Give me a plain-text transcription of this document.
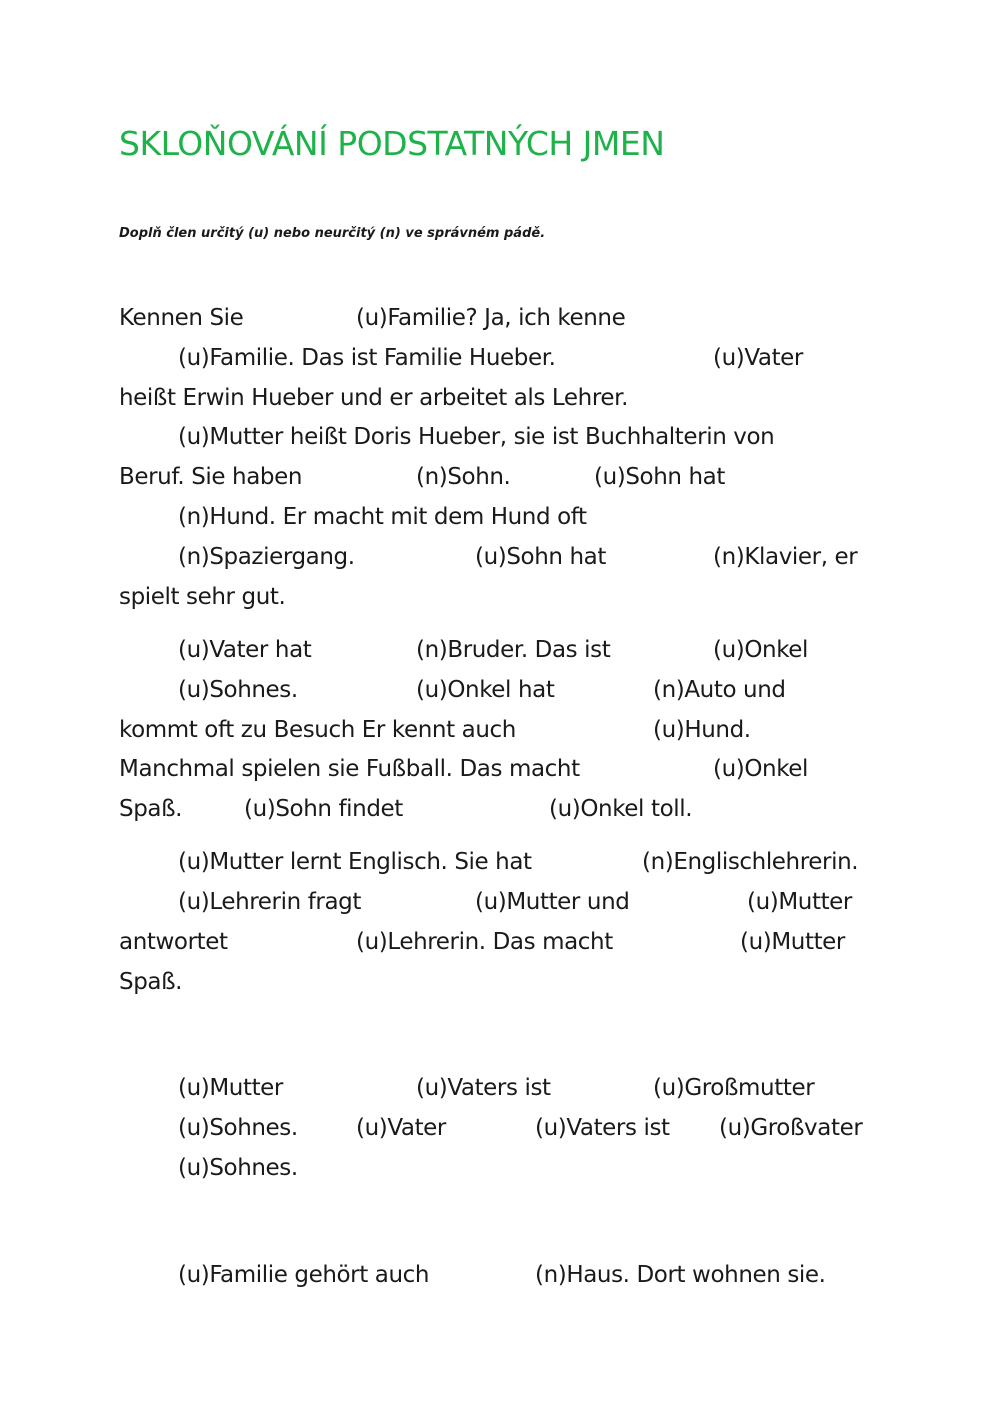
SKLOŇOVÁNÍ PODSTATNÝCH JMEN
Doplň člen určitý (u) nebo neurčitý (n) ve správném pádě.
Kennen Sie	(u)Familie? Ja, ich kenne
(u)Familie. Das ist Familie Hueber.	(u)Vater
heißt Erwin Hueber und er arbeitet als Lehrer.
(u)Mutter heißt Doris Hueber, sie ist Buchhalterin von
Beruf. Sie haben	(n)Sohn.	(u)Sohn hat
(n)Hund. Er macht mit dem Hund oft
(n)Spaziergang.	(u)Sohn hat	(n)Klavier, er
spielt sehr gut.
(u)Vater hat	(n)Bruder. Das ist	(u)Onkel
(u)Sohnes.	(u)Onkel hat	(n)Auto und
kommt oft zu Besuch Er kennt auch	(u)Hund.
Manchmal spielen sie Fußball. Das macht	(u)Onkel
Spaß.	(u)Sohn findet	(u)Onkel toll.
(u)Mutter lernt Englisch. Sie hat	(n)Englischlehrerin.
(u)Lehrerin fragt	(u)Mutter und	(u)Mutter
antwortet	(u)Lehrerin. Das macht	(u)Mutter
Spaß.
(u)Mutter	(u)Vaters ist	(u)Großmutter
(u)Sohnes.	(u)Vater	(u)Vaters ist (u)Großvater
(u)Sohnes.
(u)Familie gehört auch	(n)Haus. Dort wohnen sie.
